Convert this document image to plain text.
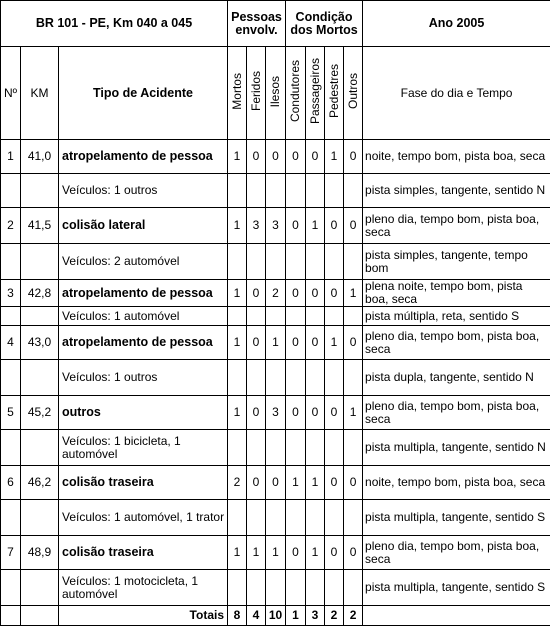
BR 101 - PE, Km 040 a 045			Pessoas envolv.			Condição dos Mortos				Ano 2005
Nº	KM	Tipo de Acidente	Mortos	Feridos	Ilesos	Condutores	Passageiros	Pedestres	Outros	Fase do dia e Tempo
1	41,0	atropelamento de pessoa	1	0	0	0	0	1	0	noite, tempo bom, pista boa, seca
		Veículos: 1 outros								pista simples, tangente, sentido N
2	41,5	colisão lateral	1	3	3	0	1	0	0	pleno dia, tempo bom, pista boa, seca
		Veículos: 2 automóvel								pista simples, tangente, tempo bom
3	42,8	atropelamento de pessoa	1	0	2	0	0	0	1	plena noite, tempo bom, pista boa, seca
		Veículos: 1 automóvel								pista múltipla, reta, sentido S
4	43,0	atropelamento de pessoa	1	0	1	0	0	1	0	pleno dia, tempo bom, pista boa, seca
		Veículos: 1 outros								pista dupla, tangente, sentido N
5	45,2	outros	1	0	3	0	0	0	1	pleno dia, tempo bom, pista boa, seca
		Veículos: 1 bicicleta, 1 automóvel								pista multipla, tangente, sentido N
6	46,2	colisão traseira	2	0	0	1	1	0	0	noite, tempo bom, pista boa, seca
		Veículos: 1 automóvel, 1 trator								pista multipla, tangente, sentido S
7	48,9	colisão traseira	1	1	1	0	1	0	0	pleno dia, tempo bom, pista boa, seca
		Veículos: 1 motocicleta, 1 automóvel								pista multipla, tangente, sentido S
		Totais	8	4	10	1	3	2	2	
